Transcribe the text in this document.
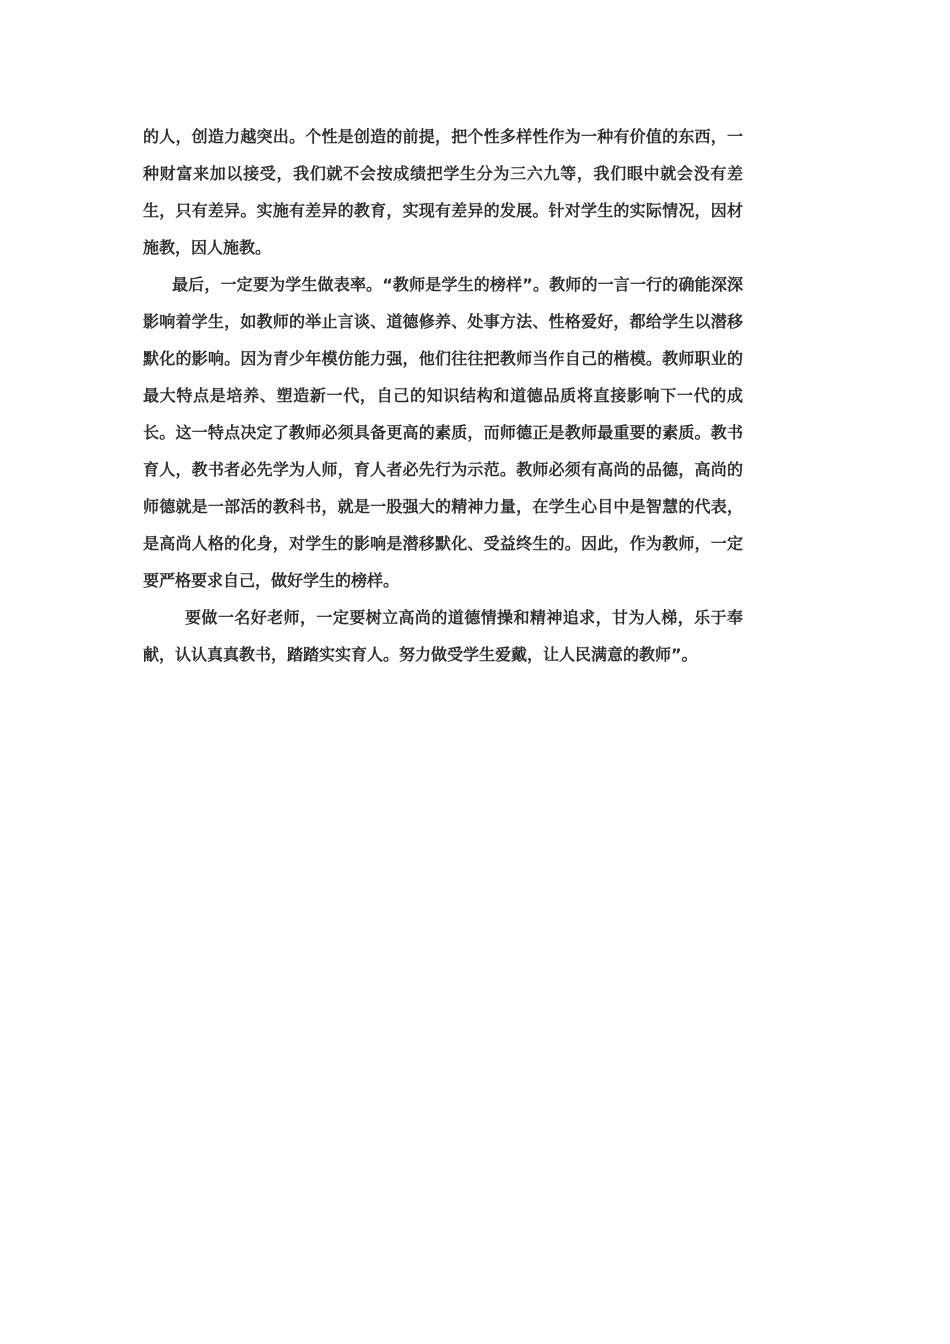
的人，创造力越突出。个性是创造的前提，把个性多样性作为一种有价值的东西，一种财富来加以接受，我们就不会按成绩把学生分为三六九等，我们眼中就会没有差生，只有差异。实施有差异的教育，实现有差异的发展。针对学生的实际情况，因材施教，因人施教。

最后，一定要为学生做表率。“教师是学生的榜样”。教师的一言一行的确能深深影响着学生，如教师的举止言谈、道德修养、处事方法、性格爱好，都给学生以潜移默化的影响。因为青少年模仿能力强，他们往往把教师当作自己的楷模。教师职业的最大特点是培养、塑造新一代，自己的知识结构和道德品质将直接影响下一代的成长。这一特点决定了教师必须具备更高的素质，而师德正是教师最重要的素质。教书育人，教书者必先学为人师，育人者必先行为示范。教师必须有高尚的品德，高尚的师德就是一部活的教科书，就是一股强大的精神力量，在学生心目中是智慧的代表，是高尚人格的化身，对学生的影响是潜移默化、受益终生的。因此，作为教师，一定要严格要求自己，做好学生的榜样。

要做一名好老师，一定要树立高尚的道德情操和精神追求，甘为人梯，乐于奉献，认认真真教书，踏踏实实育人。努力做受学生爱戴，让人民满意的教师”。
